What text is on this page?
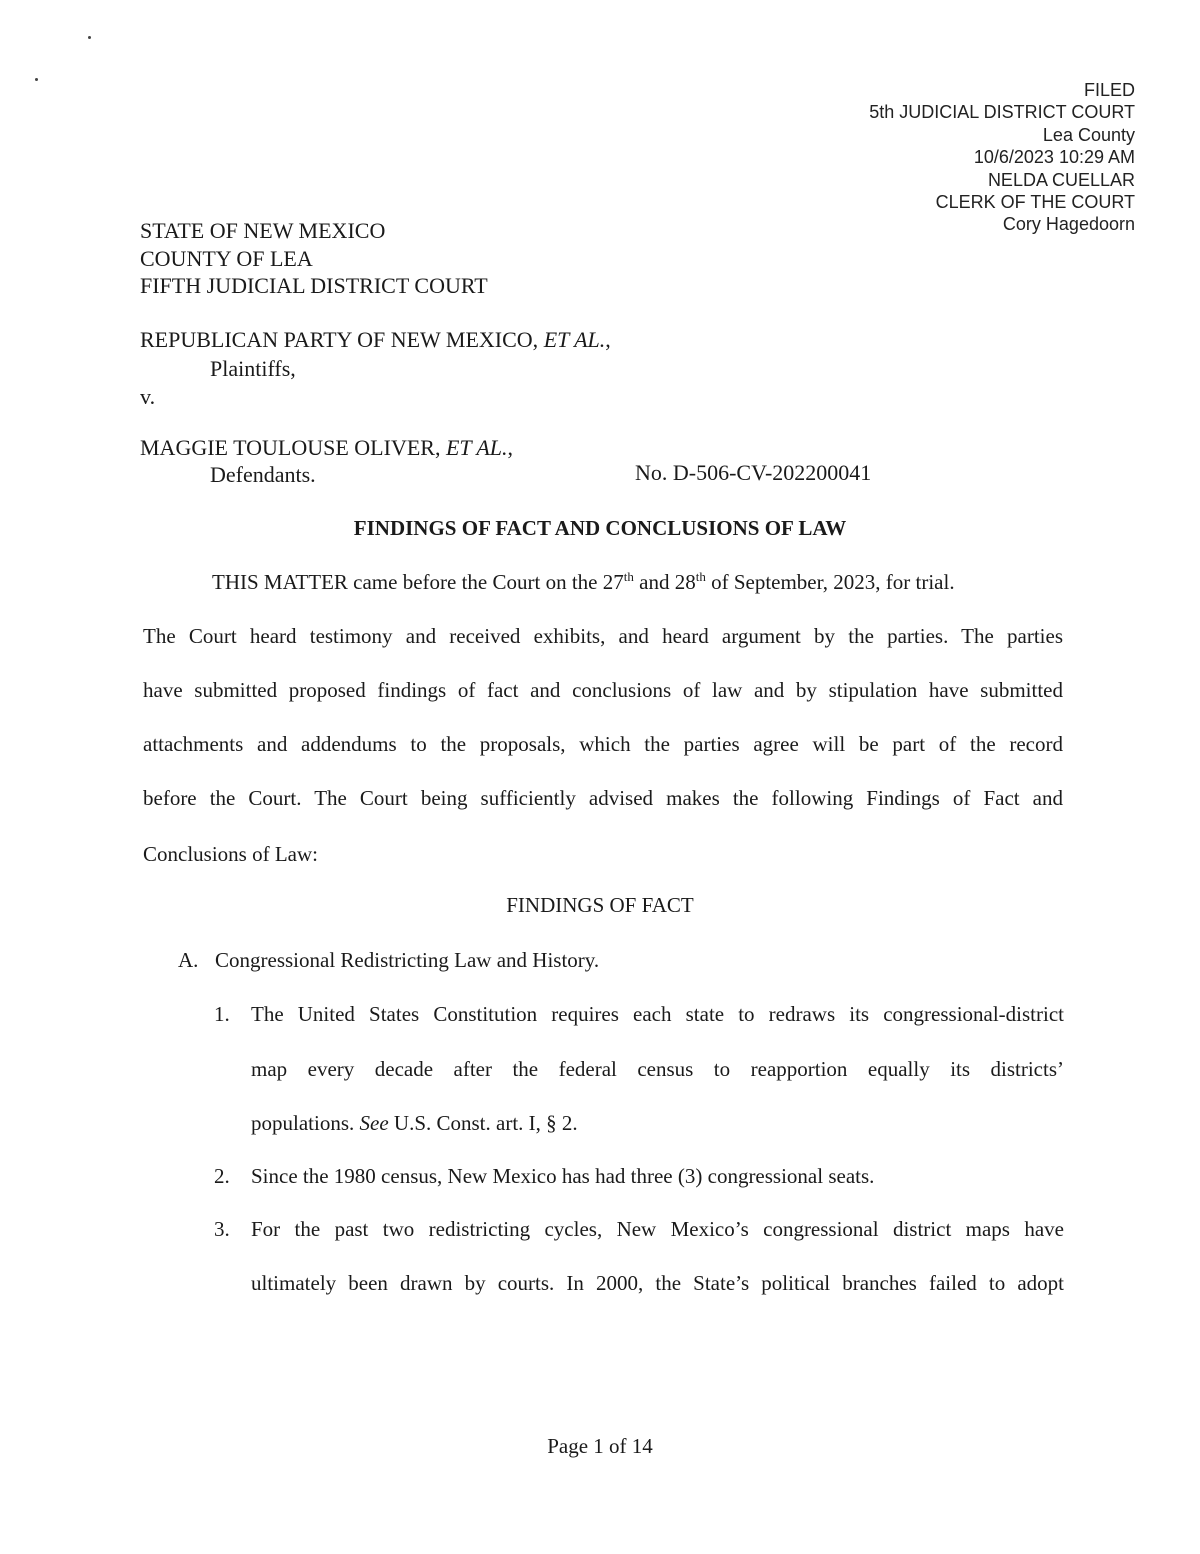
FILED
5th JUDICIAL DISTRICT COURT
Lea County
10/6/2023 10:29 AM
NELDA CUELLAR
CLERK OF THE COURT
Cory Hagedoorn
STATE OF NEW MEXICO
COUNTY OF LEA
FIFTH JUDICIAL DISTRICT COURT
REPUBLICAN PARTY OF NEW MEXICO, ET AL.,
Plaintiffs,
v.
MAGGIE TOULOUSE OLIVER, ET AL.,
Defendants.	No. D-506-CV-202200041
FINDINGS OF FACT AND CONCLUSIONS OF LAW
THIS MATTER came before the Court on the 27th and 28th of September, 2023, for trial.
The Court heard testimony and received exhibits, and heard argument by the parties. The parties
have submitted proposed findings of fact and conclusions of law and by stipulation have submitted
attachments and addendums to the proposals, which the parties agree will be part of the record
before the Court. The Court being sufficiently advised makes the following Findings of Fact and
Conclusions of Law:
FINDINGS OF FACT
A. Congressional Redistricting Law and History.
1. The United States Constitution requires each state to redraws its congressional-district
map every decade after the federal census to reapportion equally its districts’
populations. See U.S. Const. art. I, § 2.
2. Since the 1980 census, New Mexico has had three (3) congressional seats.
3. For the past two redistricting cycles, New Mexico’s congressional district maps have
ultimately been drawn by courts. In 2000, the State’s political branches failed to adopt
Page 1 of 14
